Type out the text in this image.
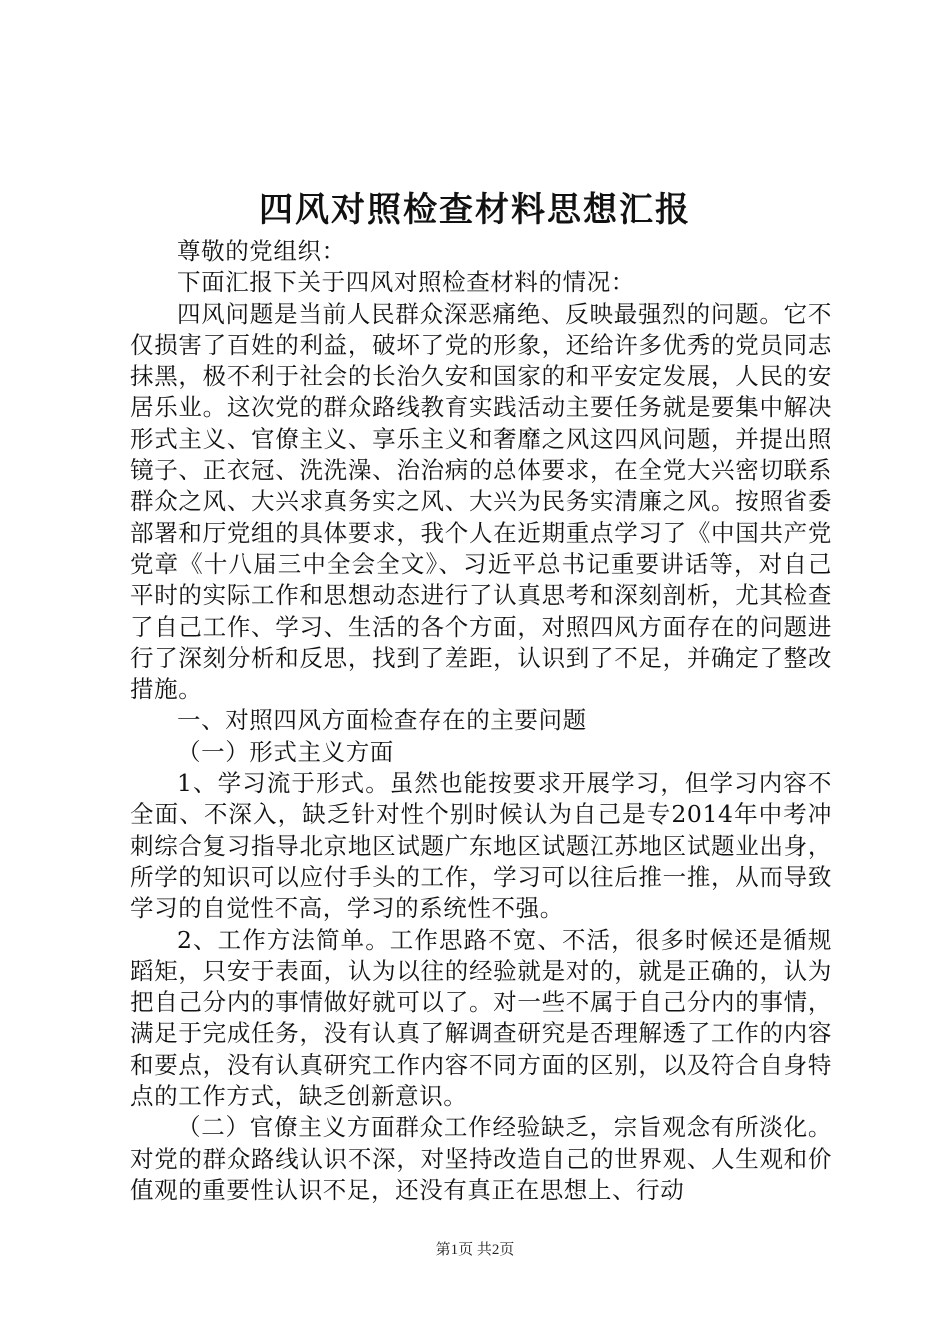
四风对照检查材料思想汇报

尊敬的党组织：

下面汇报下关于四风对照检查材料的情况：

四风问题是当前人民群众深恶痛绝、反映最强烈的问题。它不仅损害了百姓的利益，破坏了党的形象，还给许多优秀的党员同志抹黑，极不利于社会的长治久安和国家的和平安定发展，人民的安居乐业。这次党的群众路线教育实践活动主要任务就是要集中解决形式主义、官僚主义、享乐主义和奢靡之风这四风问题，并提出照镜子、正衣冠、洗洗澡、治治病的总体要求，在全党大兴密切联系群众之风、大兴求真务实之风、大兴为民务实清廉之风。按照省委部署和厅党组的具体要求，我个人在近期重点学习了《中国共产党党章《十八届三中全会全文》、习近平总书记重要讲话等，对自己平时的实际工作和思想动态进行了认真思考和深刻剖析，尤其检查了自己工作、学习、生活的各个方面，对照四风方面存在的问题进行了深刻分析和反思，找到了差距，认识到了不足，并确定了整改措施。

一、对照四风方面检查存在的主要问题

（一）形式主义方面

1、学习流于形式。虽然也能按要求开展学习，但学习内容不全面、不深入，缺乏针对性个别时候认为自己是专2014年中考冲刺综合复习指导北京地区试题广东地区试题江苏地区试题业出身，所学的知识可以应付手头的工作，学习可以往后推一推，从而导致学习的自觉性不高，学习的系统性不强。

2、工作方法简单。工作思路不宽、不活，很多时候还是循规蹈矩，只安于表面，认为以往的经验就是对的，就是正确的，认为把自己分内的事情做好就可以了。对一些不属于自己分内的事情，满足于完成任务，没有认真了解调查研究是否理解透了工作的内容和要点，没有认真研究工作内容不同方面的区别，以及符合自身特点的工作方式，缺乏创新意识。

（二）官僚主义方面群众工作经验缺乏，宗旨观念有所淡化。对党的群众路线认识不深，对坚持改造自己的世界观、人生观和价值观的重要性认识不足，还没有真正在思想上、行动

第1页 共2页
